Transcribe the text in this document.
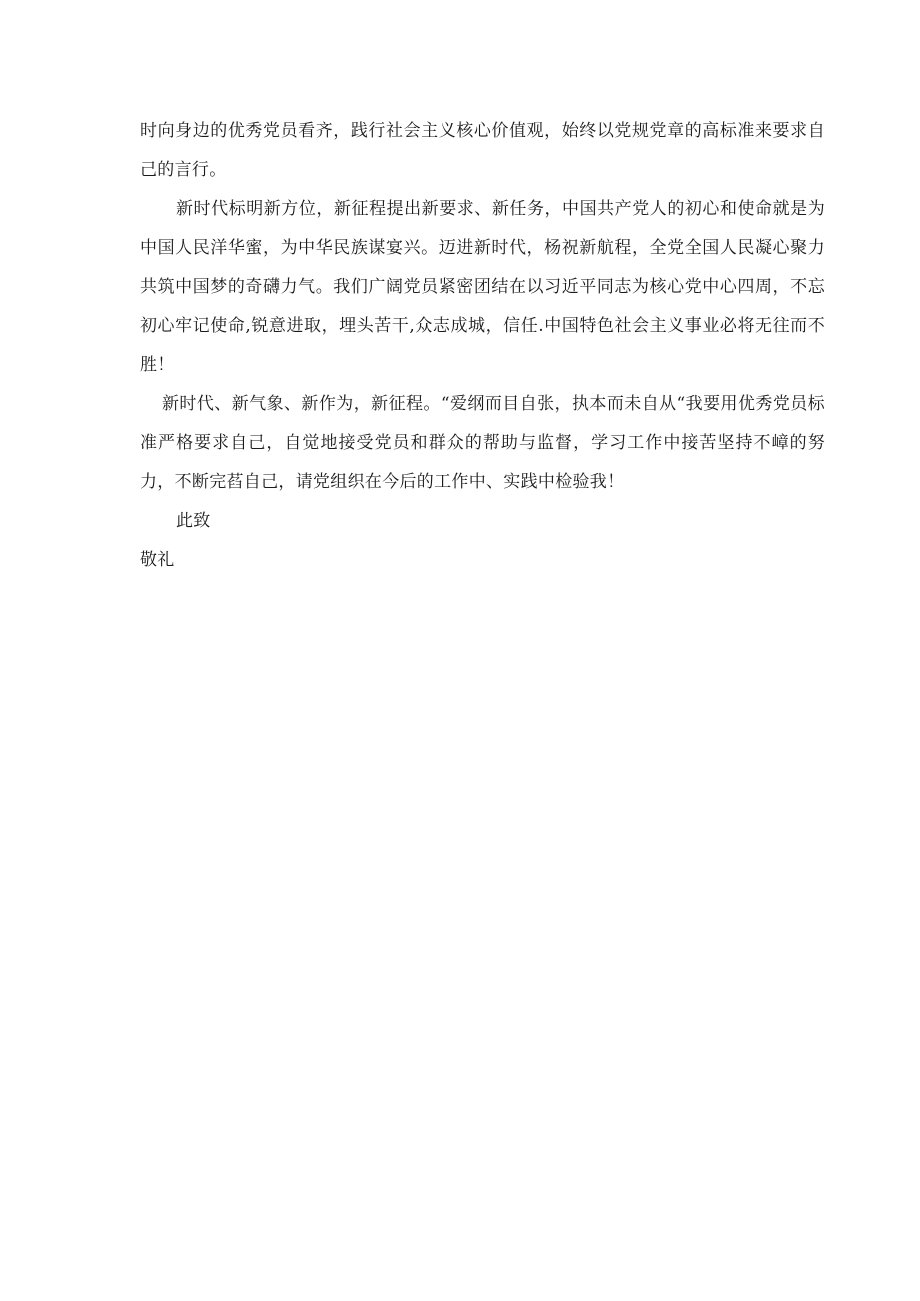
时向身边的优秀党员看齐，践行社会主义核心价值观，始终以党规党章的高标准来要求自己的言行。

新时代标明新方位，新征程提出新要求、新任务，中国共产党人的初心和使命就是为中国人民洋华蜜，为中华民族谋宴兴。迈进新时代，杨祝新航程，全党全国人民凝心聚力共筑中国梦的奇礴力气。我们广阔党员紧密团结在以习近平同志为核心党中心四周，不忘初心牢记使命,锐意进取，埋头苦干,众志成城，信任.中国特色社会主义事业必将无往而不胜！

新时代、新气象、新作为，新征程。“爱纲而目自张，执本而未自从“我要用优秀党员标准严格要求自己，自觉地接受党员和群众的帮助与监督，学习工作中接苦坚持不嶂的努力，不断完萏自己，请党组织在今后的工作中、实践中检验我！

此致

敬礼
